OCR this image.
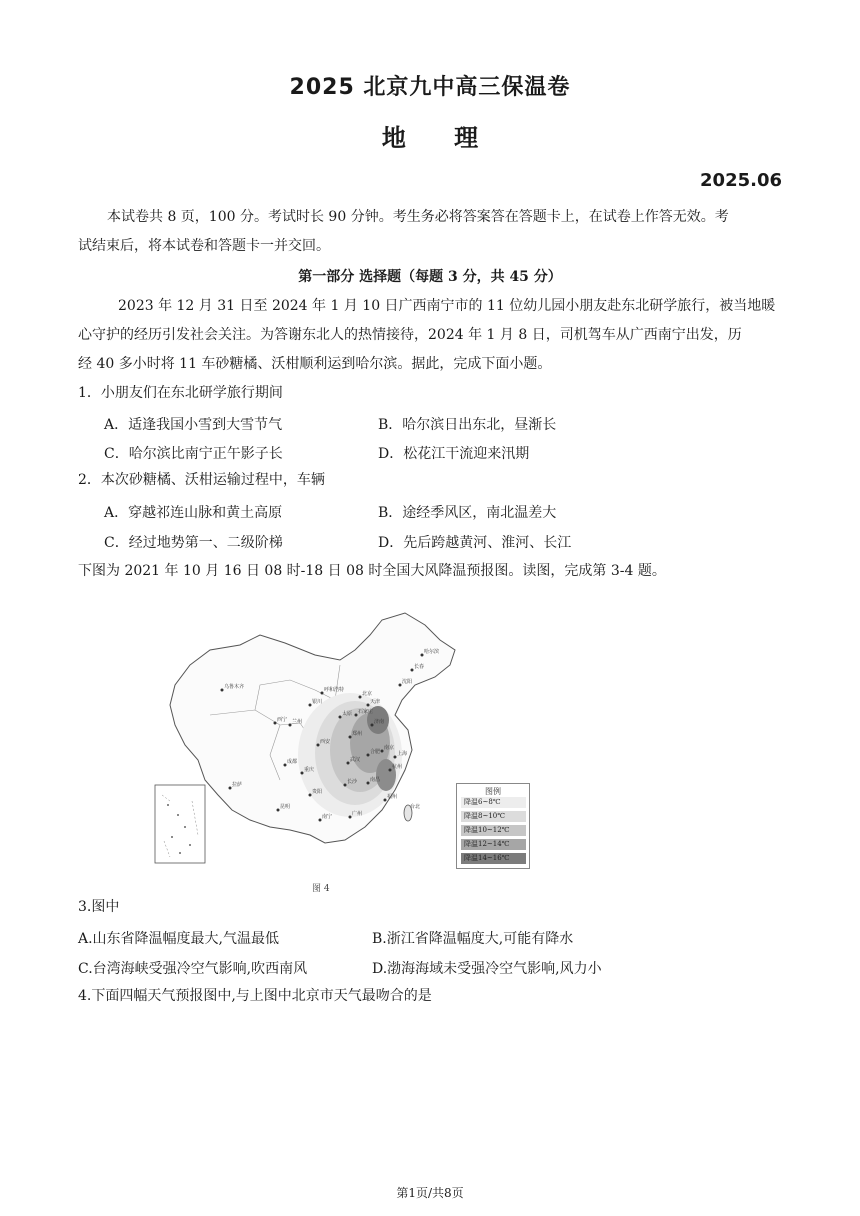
2025 北京九中高三保温卷
地 理
2025.06
本试卷共 8 页，100 分。考试时长 90 分钟。考生务必将答案答在答题卡上，在试卷上作答无效。考
试结束后，将本试卷和答题卡一并交回。
第一部分 选择题（每题 3 分，共 45 分）
2023 年 12 月 31 日至 2024 年 1 月 10 日广西南宁市的 11 位幼儿园小朋友赴东北研学旅行，被当地暖
心守护的经历引发社会关注。为答谢东北人的热情接待，2024 年 1 月 8 日，司机驾车从广西南宁出发，历
经 40 多小时将 11 车砂糖橘、沃柑顺利运到哈尔滨。据此，完成下面小题。
1．小朋友们在东北研学旅行期间
A．适逢我国小雪到大雪节气	B．哈尔滨日出东北，昼渐长
C．哈尔滨比南宁正午影子长	D．松花江干流迎来汛期
2．本次砂糖橘、沃柑运输过程中，车辆
A．穿越祁连山脉和黄土高原	B．途经季风区，南北温差大
C．经过地势第一、二级阶梯	D．先后跨越黄河、淮河、长江
下图为 2021 年 10 月 16 日 08 时-18 日 08 时全国大风降温预报图。读图，完成第 3-4 题。
乌鲁木齐
拉萨
西宁 兰州
银川
呼和浩特
北京
天津
石家庄
太原
济南
郑州
西安
成都
重庆
武汉
合肥
南京
上海
杭州
长沙	南昌
福州
贵阳
昆明
南宁	广州
台北
沈阳
长春
哈尔滨
图例
降温6~8℃
降温8~10℃
降温10~12℃
降温12~14℃
降温14~16℃
图 4
3.图中
A.山东省降温幅度最大,气温最低	B.浙江省降温幅度大,可能有降水
C.台湾海峡受强冷空气影响,吹西南风	D.渤海海域未受强冷空气影响,风力小
4.下面四幅天气预报图中,与上图中北京市天气最吻合的是
第1页/共8页
